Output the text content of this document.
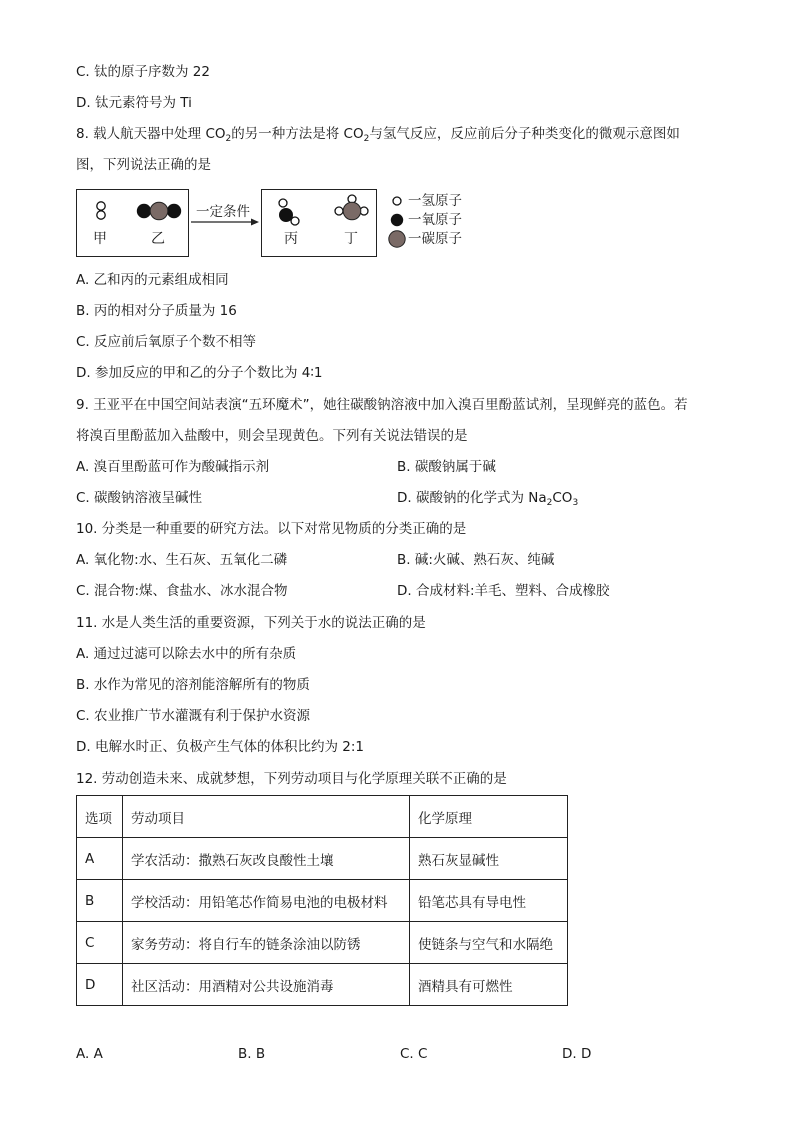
C. 钛的原子序数为 22
D. 钛元素符号为 Ti
8. 载人航天器中处理 $CO_2$的另一种方法是将 $CO_2$与氢气反应，反应前后分子种类变化的微观示意图如
图，下列说法正确的是
甲	乙
一定条件
丙	丁
一氢原子
一氧原子
一碳原子
A. 乙和丙的元素组成相同
B. 丙的相对分子质量为 16
C. 反应前后氧原子个数不相等
D. 参加反应的甲和乙的分子个数比为 4∶1
9. 王亚平在中国空间站表演“五环魔术”，她往碳酸钠溶液中加入溴百里酚蓝试剂，呈现鲜亮的蓝色。若
将溴百里酚蓝加入盐酸中，则会呈现黄色。下列有关说法错误的是
A. 溴百里酚蓝可作为酸碱指示剂	B. 碳酸钠属于碱
C. 碳酸钠溶液呈碱性	D. 碳酸钠的化学式为 $Na_2CO_3$
10. 分类是一种重要的研究方法。以下对常见物质的分类正确的是
A. 氧化物:水、生石灰、五氧化二磷	B. 碱:火碱、熟石灰、纯碱
C. 混合物:煤、食盐水、冰水混合物	D. 合成材料:羊毛、塑料、合成橡胶
11. 水是人类生活的重要资源，下列关于水的说法正确的是
A. 通过过滤可以除去水中的所有杂质
B. 水作为常见的溶剂能溶解所有的物质
C. 农业推广节水灌溉有利于保护水资源
D. 电解水时正、负极产生气体的体积比约为 2:1
12. 劳动创造未来、成就梦想，下列劳动项目与化学原理关联不正确的是
选项	劳动项目	化学原理
A	学农活动：撒熟石灰改良酸性土壤	熟石灰显碱性
B	学校活动：用铅笔芯作简易电池的电极材料	铅笔芯具有导电性
C	家务劳动：将自行车的链条涂油以防锈	使链条与空气和水隔绝
D	社区活动：用酒精对公共设施消毒	酒精具有可燃性
A. A	B. B	C. C	D. D
